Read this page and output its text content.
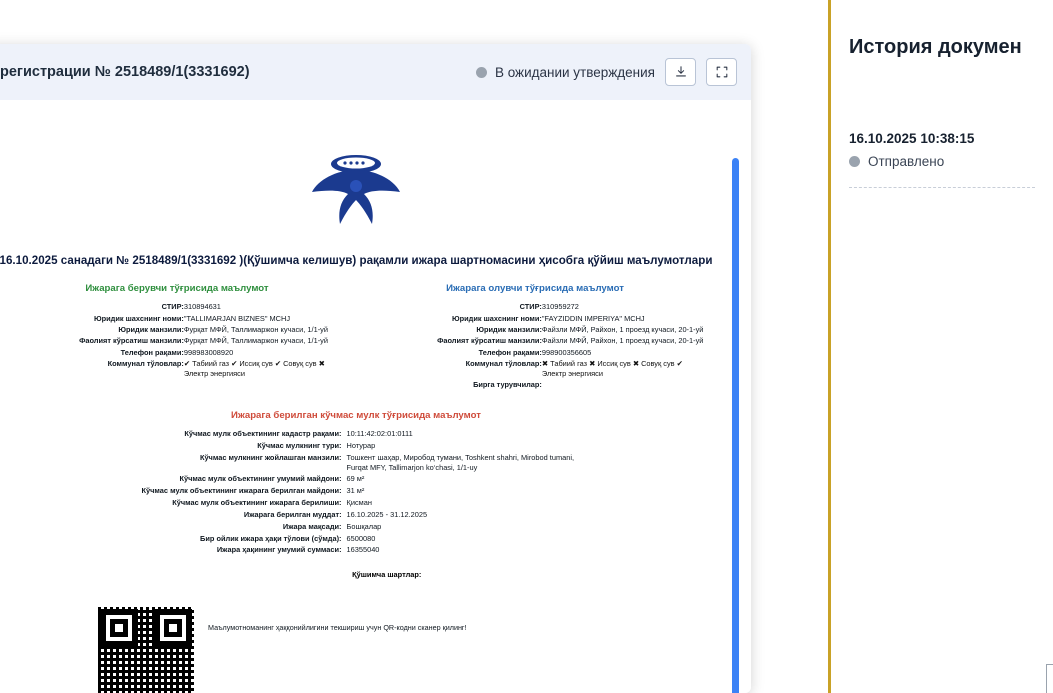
регистрации № 2518489/1(3331692)	В ожидании утверждения
16.10.2025 санадаги № 2518489/1(3331692 )(Қўшимча келишув) рақамли ижара шартномасини ҳисобга қўйиш маълумотлари
Ижарага берувчи тўғрисида маълумот
СТИР:	310894631
Юридик шахснинг номи:	"TALLIMARJAN BIZNES" MCHJ
Юридик манзили:	Фурқат МФЙ, Таллимаржон кучаси, 1/1-уй
Фаолият кўрсатиш манзили:	Фурқат МФЙ, Таллимаржон кучаси, 1/1-уй
Телефон рақами:	998983008920
Коммунал тўловлар:	✔ Табиий газ ✔ Иссиқ сув ✔ Совуқ сув ✖ Электр энергияси
Ижарага олувчи тўғрисида маълумот
СТИР:	310959272
Юридик шахснинг номи:	"FAYZIDDIN IMPERIYA" MCHJ
Юридик манзили:	Файзли МФЙ, Райхон, 1 проезд кучаси, 20-1-уй
Фаолият кўрсатиш манзили:	Файзли МФЙ, Райхон, 1 проезд кучаси, 20-1-уй
Телефон рақами:	998900356605
Коммунал тўловлар:	✖ Табиий газ ✖ Иссиқ сув ✖ Совуқ сув ✔ Электр энергияси
Бирга турувчилар:	
Ижарага берилган кўчмас мулк тўғрисида маълумот
Кўчмас мулк объектининг кадастр рақами:	10:11:42:02:01:0111
Кўчмас мулкнинг тури:	Нотурар
Кўчмас мулкнинг жойлашган манзили:	Тошкент шаҳар, Миробод тумани, Toshkent shahri, Mirobod tumani, Furqat MFY, Tallimarjon ko‘chasi, 1/1-uy
Кўчмас мулк объектининг умумий майдони:	69 м²
Кўчмас мулк объектининг ижарага берилган майдони:	31 м²
Кўчмас мулк объектининг ижарага берилиши:	Қисман
Ижарага берилган муддат:	16.10.2025 - 31.12.2025
Ижара мақсади:	Бошқалар
Бир ойлик ижара ҳақи тўлови (сўмда):	6500080
Ижара ҳақининг умумий суммаси:	16355040
Қўшимча шартлар:
Маълумотноманинг ҳаққонийлигини текшириш учун QR-кодни сканер қилинг!
История докумен
16.10.2025 10:38:15
Отправлено
